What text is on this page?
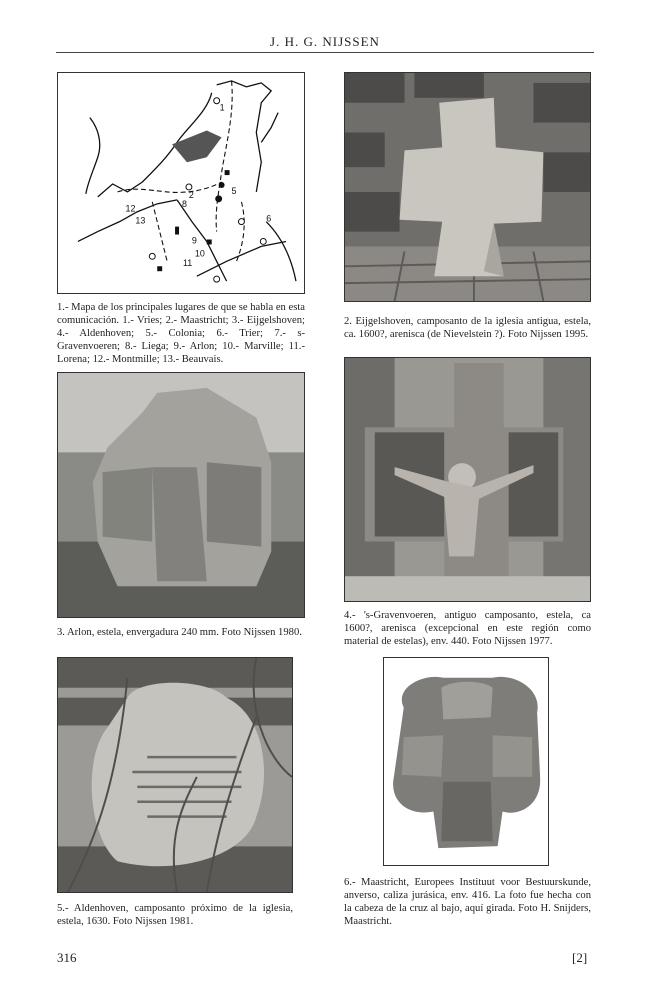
J. H. G. NIJSSEN
1
2	5
6
8
9
10
11
12
13
1.- Mapa de los principales lugares de que se habla en esta comunicación. 1.- Vries; 2.- Maastricht; 3.- Eijgelshoven; 4.- Aldenhoven; 5.- Colonia; 6.- Trier; 7.- s-Gravenvoeren; 8.- Liega; 9.- Arlon; 10.- Marville; 11.- Lorena; 12.- Montmille; 13.- Beauvais.
2. Eijgelshoven, camposanto de la iglesia antigua, estela, ca. 1600?, arenisca (de Nievelstein ?). Foto Nijssen 1995.
3. Arlon, estela, envergadura 240 mm. Foto Nijssen 1980.
4.- 's-Gravenvoeren, antiguo camposanto, estela, ca 1600?, arenisca (excepcional en este región como material de estelas), env. 440. Foto Nijssen 1977.
5.- Aldenhoven, camposanto próximo de la iglesia, estela, 1630. Foto Nijssen 1981.
6.- Maastricht, Europees Instituut voor Bestuurskunde, anverso, caliza jurásica, env. 416. La foto fue hecha con la cabeza de la cruz al bajo, aquí girada. Foto H. Snijders, Maastricht.
316	[2]
